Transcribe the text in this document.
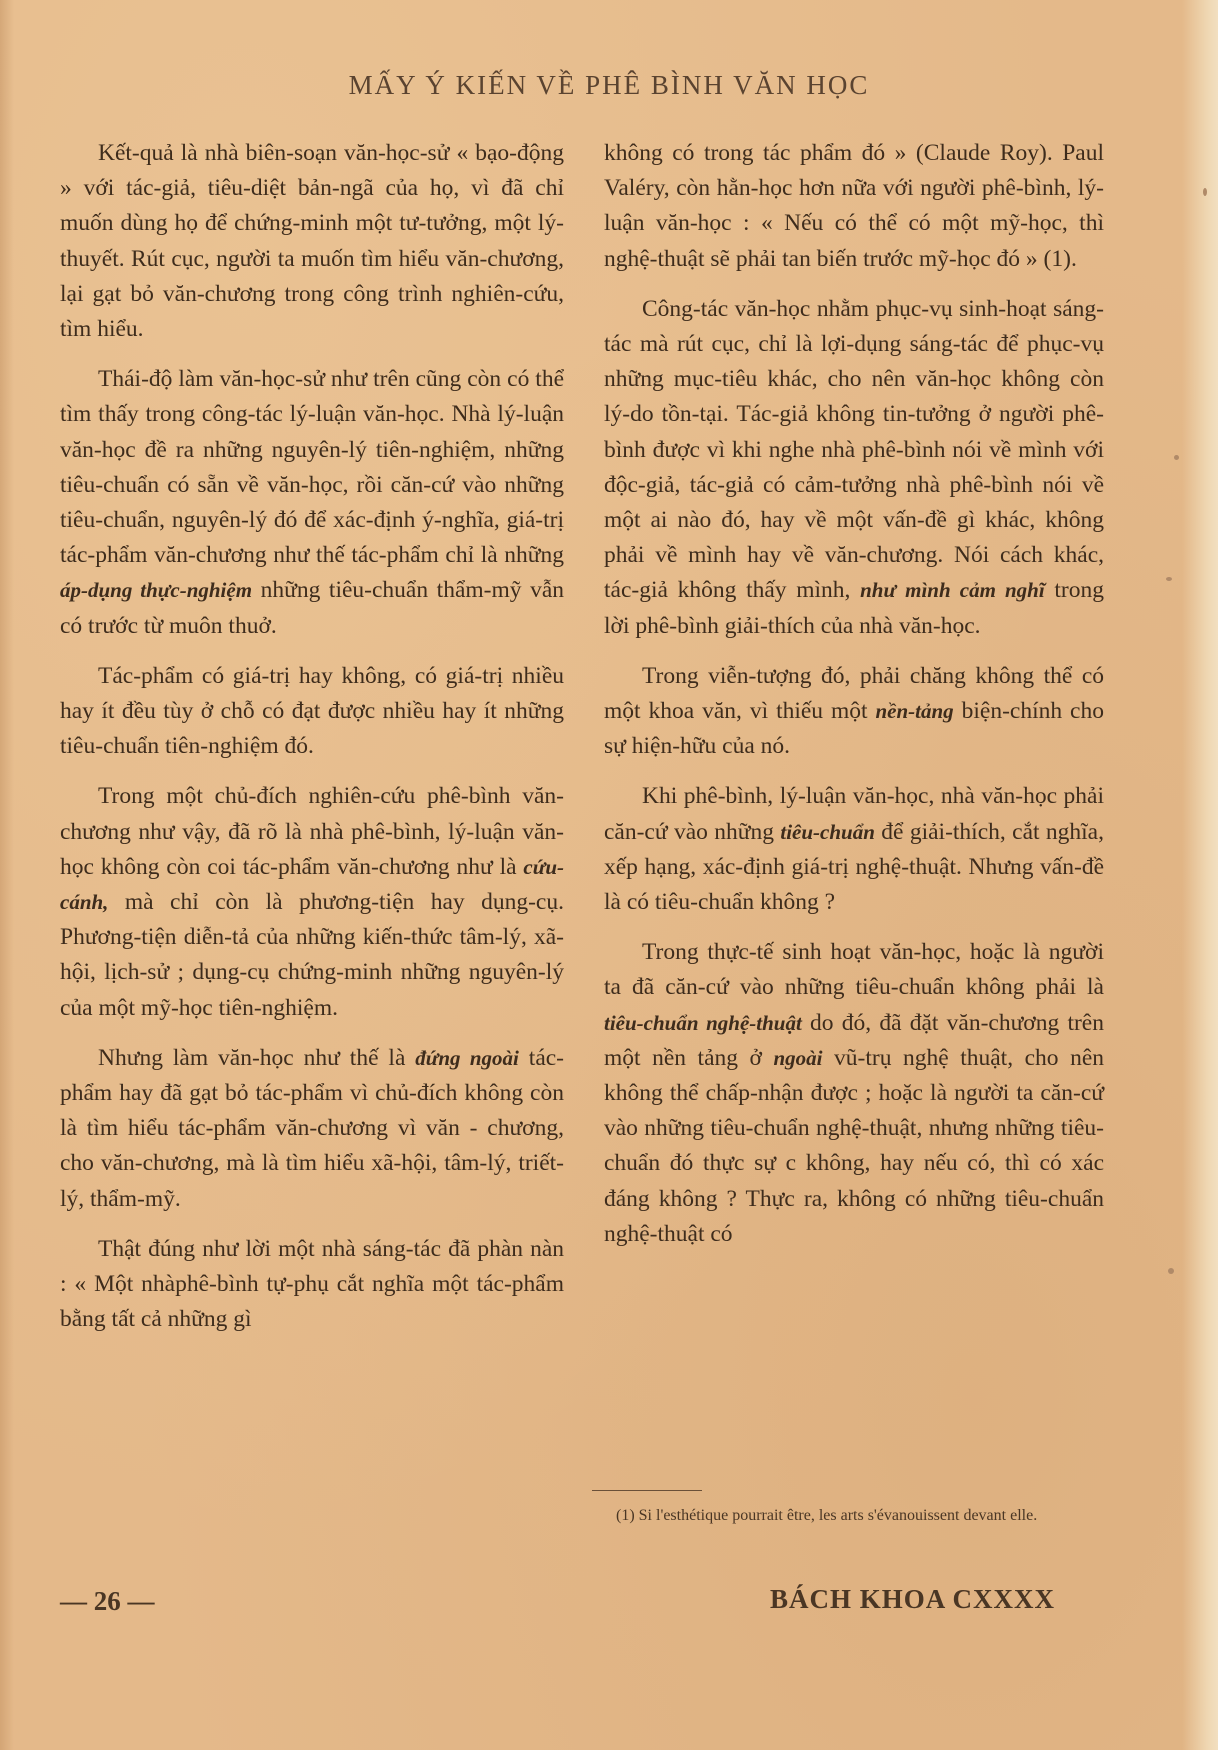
MẤY Ý KIẾN VỀ PHÊ BÌNH VĂN HỌC

Kết-quả là nhà biên-soạn văn-học-sử « bạo-động » với tác-giả, tiêu-diệt bản-ngã của họ, vì đã chỉ muốn dùng họ để chứng-minh một tư-tưởng, một lý-thuyết. Rút cục, người ta muốn tìm hiểu văn-chương, lại gạt bỏ văn-chương trong công trình nghiên-cứu, tìm hiểu.

Thái-độ làm văn-học-sử như trên cũng còn có thể tìm thấy trong công-tác lý-luận văn-học. Nhà lý-luận văn-học đề ra những nguyên-lý tiên-nghiệm, những tiêu-chuẩn có sẵn về văn-học, rồi căn-cứ vào những tiêu-chuẩn, nguyên-lý đó để xác-định ý-nghĩa, giá-trị tác-phẩm văn-chương như thế tác-phẩm chỉ là những áp-dụng thực-nghiệm những tiêu-chuẩn thẩm-mỹ vẫn có trước từ muôn thuở.

Tác-phẩm có giá-trị hay không, có giá-trị nhiều hay ít đều tùy ở chỗ có đạt được nhiều hay ít những tiêu-chuẩn tiên-nghiệm đó.

Trong một chủ-đích nghiên-cứu phê-bình văn-chương như vậy, đã rõ là nhà phê-bình, lý-luận văn-học không còn coi tác-phẩm văn-chương như là cứu-cánh, mà chỉ còn là phương-tiện hay dụng-cụ. Phương-tiện diễn-tả của những kiến-thức tâm-lý, xã-hội, lịch-sử ; dụng-cụ chứng-minh những nguyên-lý của một mỹ-học tiên-nghiệm.

Nhưng làm văn-học như thế là đứng ngoài tác-phẩm hay đã gạt bỏ tác-phẩm vì chủ-đích không còn là tìm hiểu tác-phẩm văn-chương vì văn - chương, cho văn-chương, mà là tìm hiểu xã-hội, tâm-lý, triết-lý, thẩm-mỹ.

Thật đúng như lời một nhà sáng-tác đã phàn nàn : « Một nhàphê-bình tự-phụ cắt nghĩa một tác-phẩm bằng tất cả những gì

không có trong tác phẩm đó » (Claude Roy). Paul Valéry, còn hằn-học hơn nữa với người phê-bình, lý-luận văn-học : « Nếu có thể có một mỹ-học, thì nghệ-thuật sẽ phải tan biến trước mỹ-học đó » (1).

Công-tác văn-học nhằm phục-vụ sinh-hoạt sáng-tác mà rút cục, chỉ là lợi-dụng sáng-tác để phục-vụ những mục-tiêu khác, cho nên văn-học không còn lý-do tồn-tại. Tác-giả không tin-tưởng ở người phê-bình được vì khi nghe nhà phê-bình nói về mình với độc-giả, tác-giả có cảm-tưởng nhà phê-bình nói về một ai nào đó, hay về một vấn-đề gì khác, không phải về mình hay về văn-chương. Nói cách khác, tác-giả không thấy mình, như mình cảm nghĩ trong lời phê-bình giải-thích của nhà văn-học.

Trong viễn-tượng đó, phải chăng không thể có một khoa văn, vì thiếu một nền-tảng biện-chính cho sự hiện-hữu của nó.

Khi phê-bình, lý-luận văn-học, nhà văn-học phải căn-cứ vào những tiêu-chuẩn để giải-thích, cắt nghĩa, xếp hạng, xác-định giá-trị nghệ-thuật. Nhưng vấn-đề là có tiêu-chuẩn không ?

Trong thực-tế sinh hoạt văn-học, hoặc là người ta đã căn-cứ vào những tiêu-chuẩn không phải là tiêu-chuẩn nghệ-thuật do đó, đã đặt văn-chương trên một nền tảng ở ngoài vũ-trụ nghệ thuật, cho nên không thể chấp-nhận được ; hoặc là người ta căn-cứ vào những tiêu-chuẩn nghệ-thuật, nhưng những tiêu-chuẩn đó thực sự c không, hay nếu có, thì có xác đáng không ? Thực ra, không có những tiêu-chuẩn nghệ-thuật có

(1) Si l'esthétique pourrait être, les arts s'évanouissent devant elle.
— 26 —	BÁCH KHOA CXXXX
